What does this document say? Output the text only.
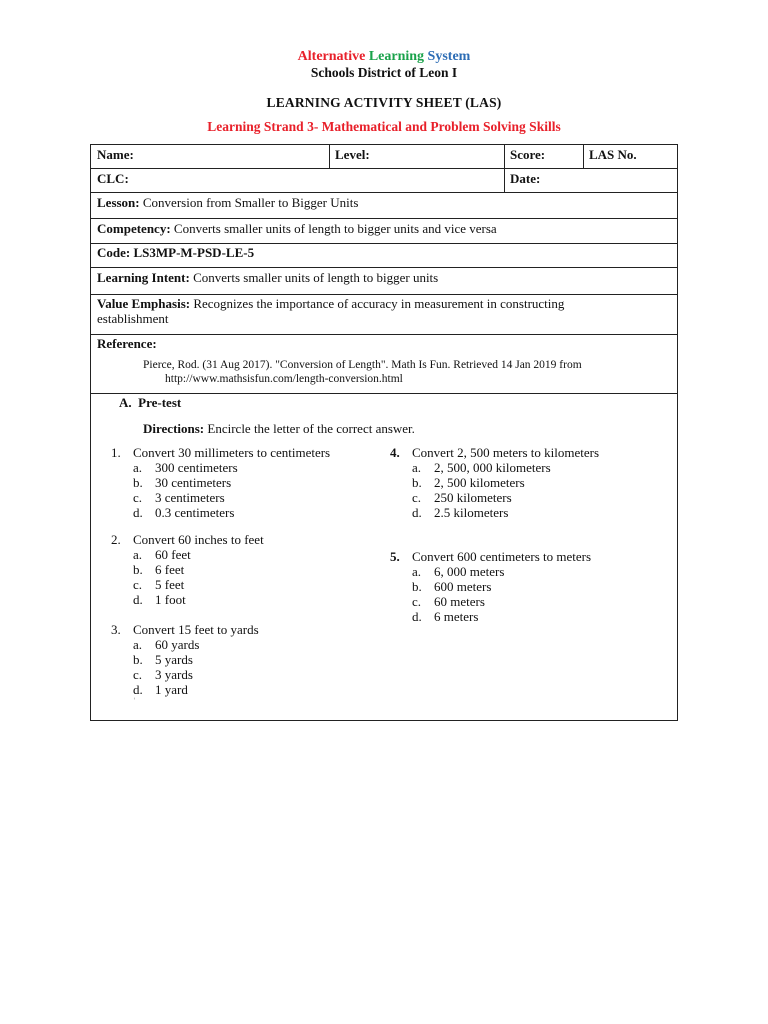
Alternative Learning System
Schools District of Leon I
LEARNING ACTIVITY SHEET (LAS)
Learning Strand 3- Mathematical and Problem Solving Skills
Name:	Level:	Score:	LAS No.
CLC:	Date:
Lesson: Conversion from Smaller to Bigger Units
Competency: Converts smaller units of length to bigger units and vice versa
Code: LS3MP-M-PSD-LE-5
Learning Intent: Converts smaller units of length to bigger units
Value Emphasis: Recognizes the importance of accuracy in measurement in constructing
establishment
Reference:
Pierce, Rod. (31 Aug 2017). "Conversion of Length". Math Is Fun. Retrieved 14 Jan 2019 from
http://www.mathsisfun.com/length-conversion.html
A. Pre-test
Directions: Encircle the letter of the correct answer.
1. Convert 30 millimeters to centimeters
a. 300 centimeters
b. 30 centimeters
c. 3 centimeters
d. 0.3 centimeters
2. Convert 60 inches to feet
a. 60 feet
b. 6 feet
c. 5 feet
d. 1 foot
3. Convert 15 feet to yards
a. 60 yards
b. 5 yards
c. 3 yards
d. 1 yard
4. Convert 2, 500 meters to kilometers
a. 2, 500, 000 kilometers
b. 2, 500 kilometers
c. 250 kilometers
d. 2.5 kilometers
5. Convert 600 centimeters to meters
a. 6, 000 meters
b. 600 meters
c. 60 meters
d. 6 meters
ʿ
